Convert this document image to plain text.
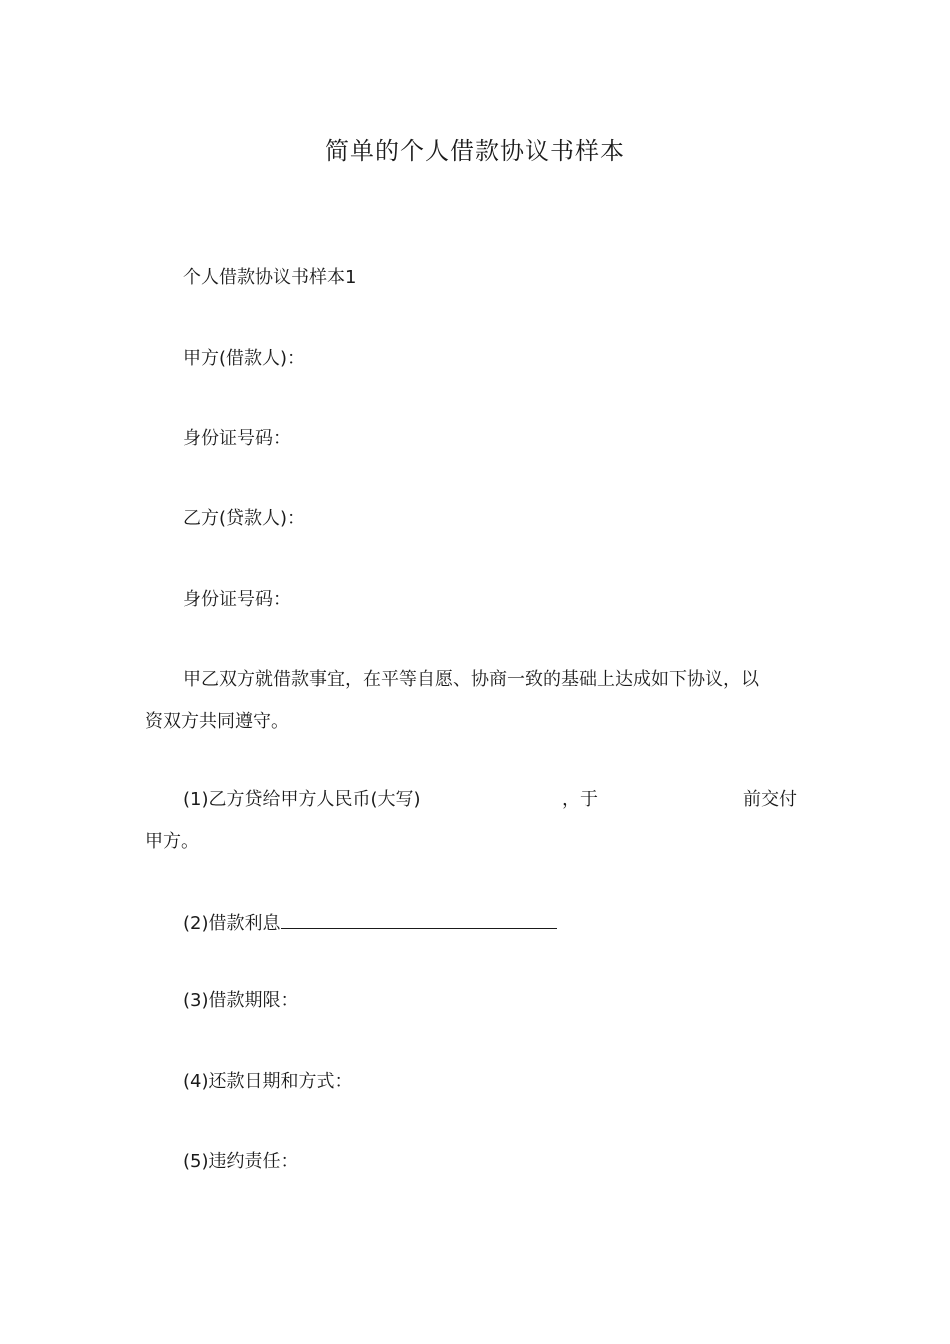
简单的个人借款协议书样本
个人借款协议书样本1
甲方(借款人)：
身份证号码：
乙方(贷款人)：
身份证号码：
甲乙双方就借款事宜，在平等自愿、协商一致的基础上达成如下协议，以
资双方共同遵守。
(1)乙方贷给甲方人民币(大写)	，于	前交付
甲方。
(2)借款利息
(3)借款期限：
(4)还款日期和方式：
(5)违约责任：
